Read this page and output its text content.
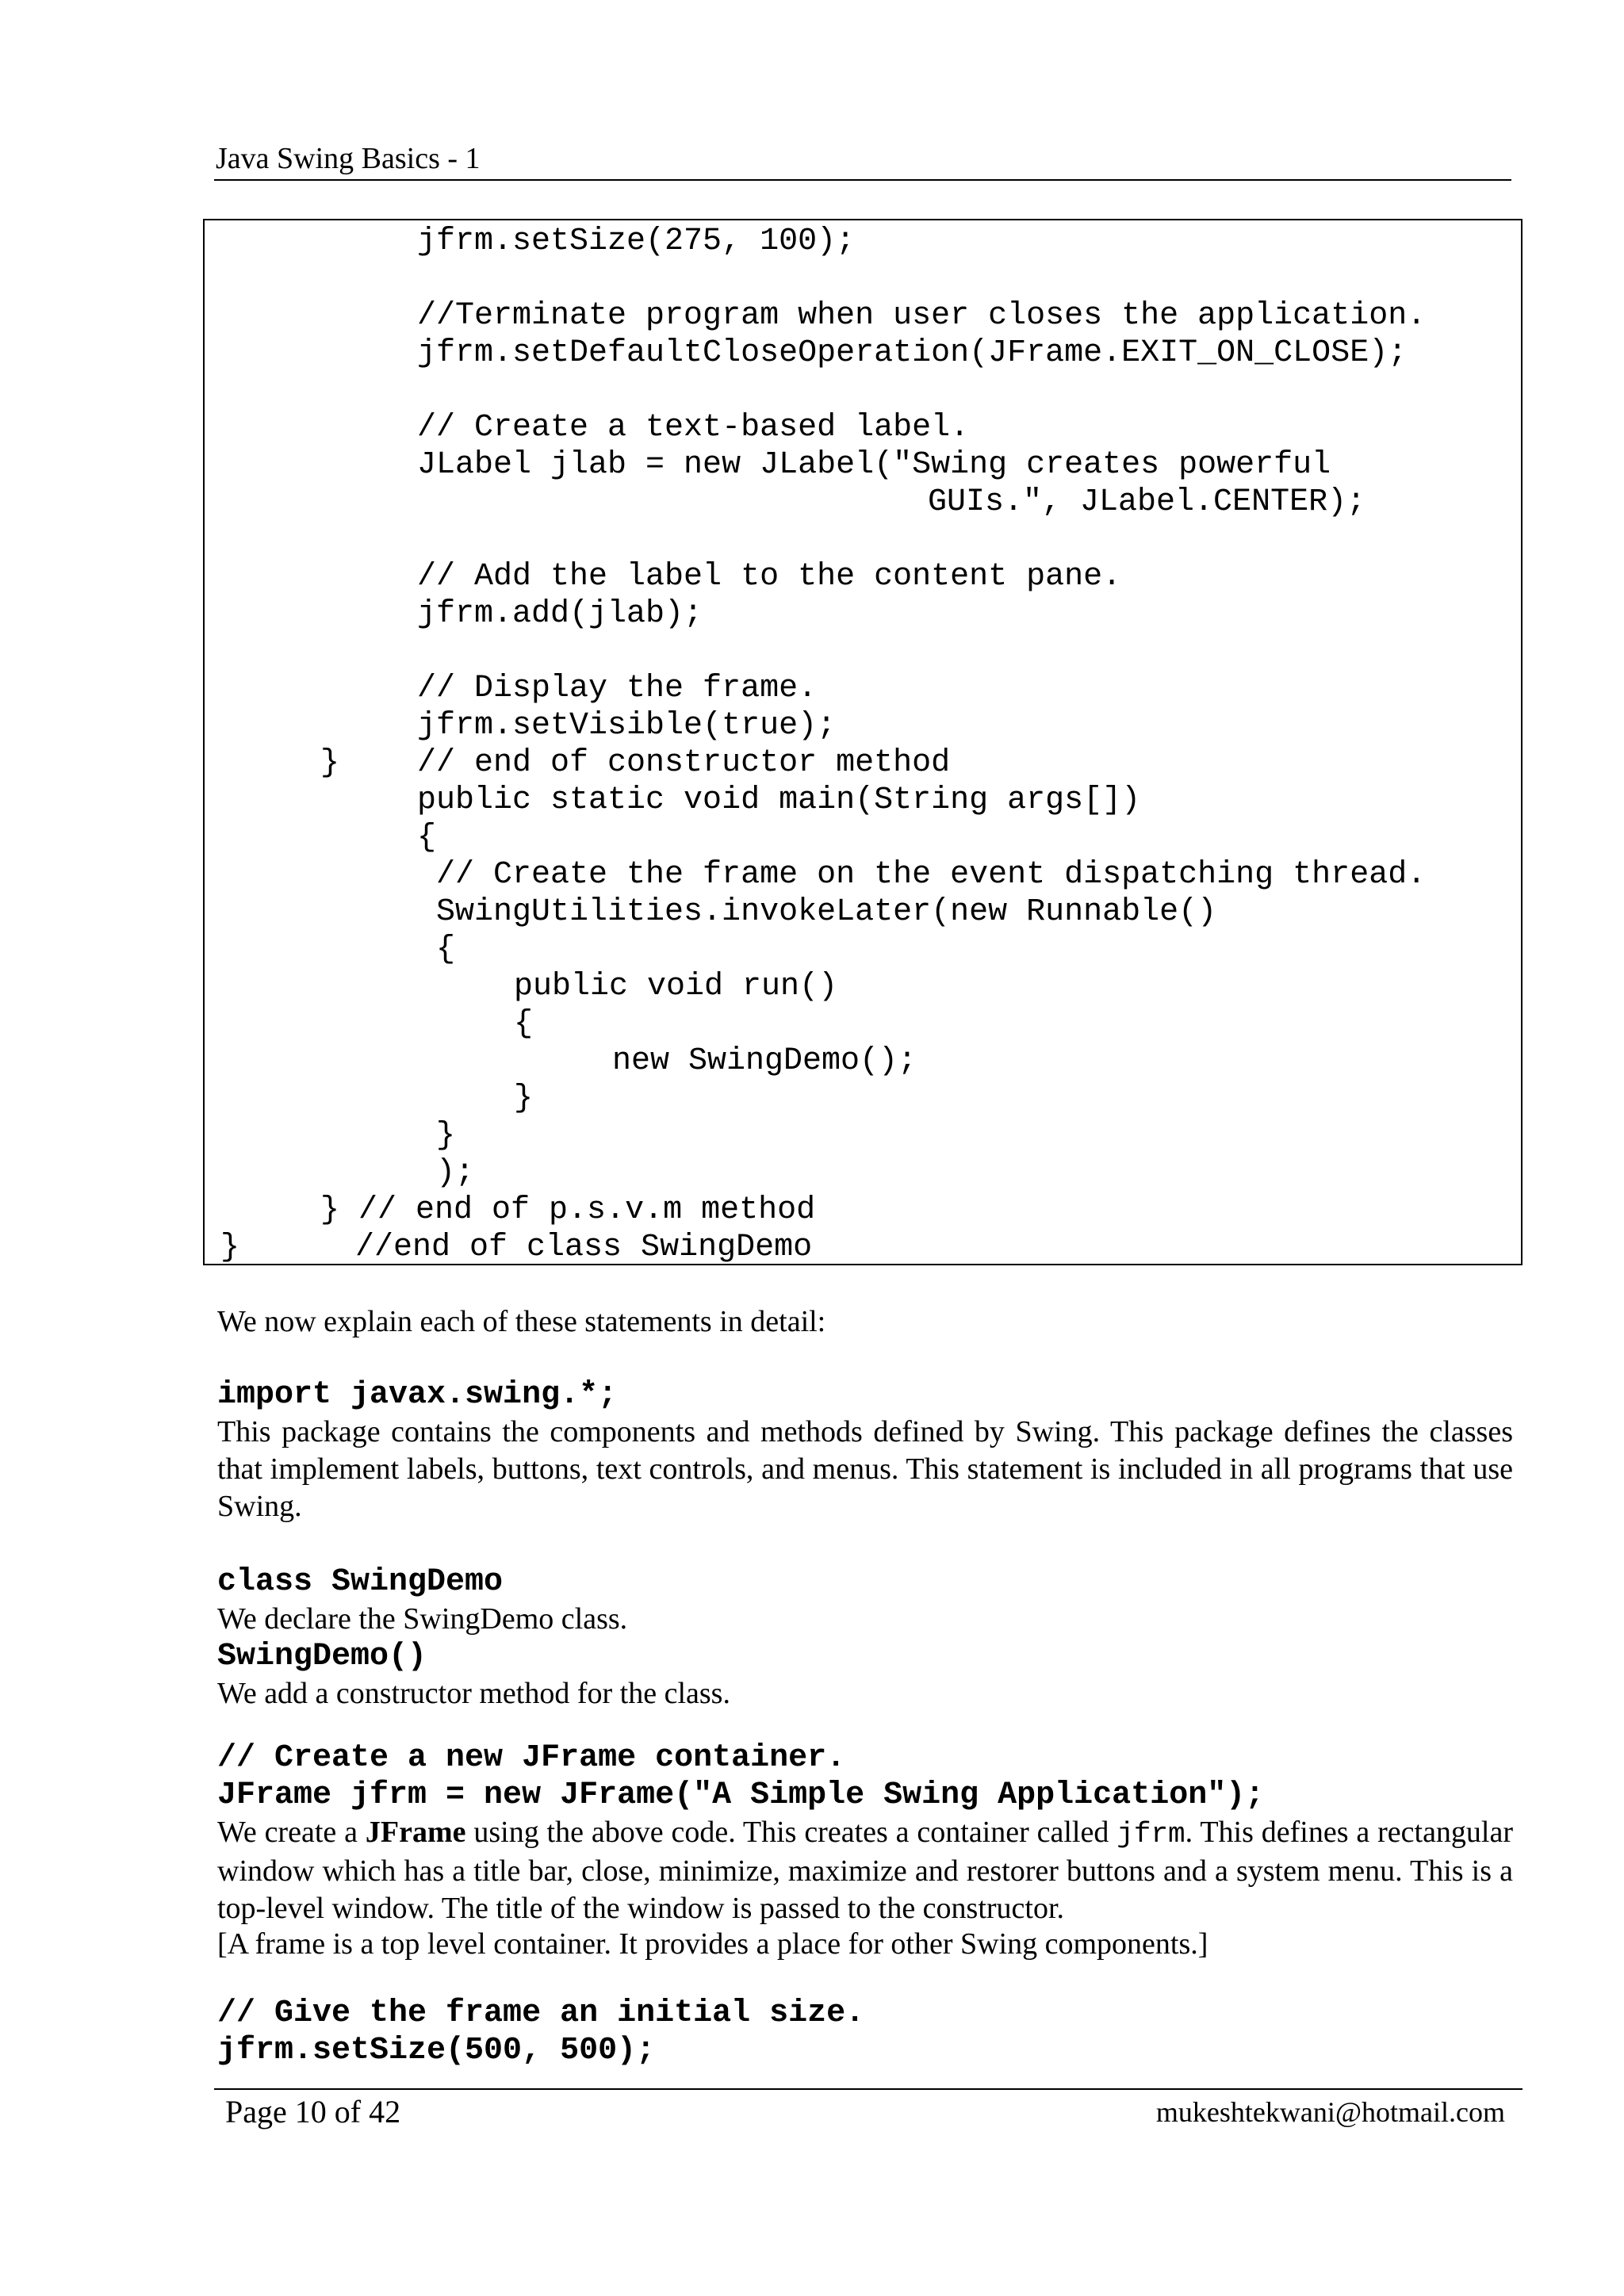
Java Swing Basics - 1
jfrm.setSize(275, 100);
//Terminate program when user closes the application.
jfrm.setDefaultCloseOperation(JFrame.EXIT_ON_CLOSE);
// Create a text-based label.
JLabel jlab = new JLabel("Swing creates powerful
GUIs.", JLabel.CENTER);
// Add the label to the content pane.
jfrm.add(jlab);
// Display the frame.
jfrm.setVisible(true);
} // end of constructor method
public static void main(String args[])
{
// Create the frame on the event dispatching thread.
SwingUtilities.invokeLater(new Runnable()
{
public void run()
{
new SwingDemo();
}
}
);
} // end of p.s.v.m method
}	//end of class SwingDemo
We now explain each of these statements in detail:
import javax.swing.*;
This package contains the components and methods defined by Swing. This package defines the classes that implement labels, buttons, text controls, and menus. This statement is included in all programs that use Swing.
class SwingDemo
We declare the SwingDemo class.
SwingDemo()
We add a constructor method for the class.
// Create a new JFrame container.
JFrame jfrm = new JFrame("A Simple Swing Application");
We create a JFrame using the above code. This creates a container called jfrm. This defines a rectangular window which has a title bar, close, minimize, maximize and restorer buttons and a system menu. This is a top-level window. The title of the window is passed to the constructor.
[A frame is a top level container. It provides a place for other Swing components.]
// Give the frame an initial size.
jfrm.setSize(500, 500);
Page 10 of 42	mukeshtekwani@hotmail.com
